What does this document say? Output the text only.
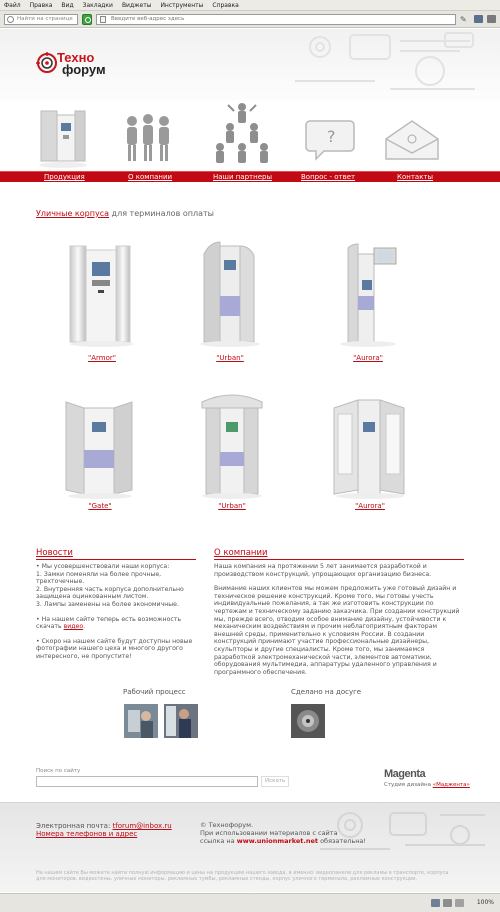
Файл Правка Вид Закладки Виджеты Инструменты Справка
Найти на странице	Введите веб-адрес здесь	✎
Техно
форум
?
Продукция	О компании	Наши партнеры	Вопрос - ответ	Контакты
Уличные корпуса для терминалов оплаты
"Armor"	"Urban"	"Aurora"
"Gate"	"Urban"	"Aurora"
Новости

• Мы усовершенствовали наши корпуса:
1. Замки поменяли на более прочные, трехточечные.
2. Внутренняя часть корпуса дополнительно защищена оцинкованным листом.
3. Лампы заменены на более экономичные.

• На нашем сайте теперь есть возможность скачать видео.

• Скоро на нашем сайте будут доступны новые фотографии нашего цеха и многого другого интересного, не пропустите!

О компании

Наша компания на протяжении 5 лет занимается разработкой и производством конструкций, упрощающих организацию бизнеса.

Внимание наших клиентов мы можем предложить уже готовый дизайн и техническое решение конструкций. Кроме того, мы готовы учесть индивидуальные пожелания, а так же изготовить конструкции по чертежам и техническому заданию заказчика. При создании конструкций мы, прежде всего, отводим особое внимание дизайну, устойчивости к механическим воздействиям и прочим неблагоприятным факторам внешней среды, применительно к условиям России. В создании конструкций принимают участие профессиональные дизайнеры, скульпторы и другие специалисты. Кроме того, мы занимаемся разработкой электромеханической части, элементов автоматики, оборудования мультимедиа, аппаратуры удаленного управления и программного обеспечения.

Рабочий процесс	Сделано на досуге
Поиск по сайту
Искать
Magenta
Студия дизайна «Маджента»
Электронная почта: tforum@inbox.ru
Номера телефонов и адрес
© Технофорум.
При использовании материалов с сайта
ссылка на www.unionmarket.net обязательна!
На нашем сайте Вы можете найти полную информацию и цены на продукцию нашего завода, в именно: видеопанели для рекламы в транспорте, корпуса для мониторов, видеостены, уличные мониторы, рекламные тумбы, рекламные стенды, корпус уличного терминала, рекламные конструкции.
100%
